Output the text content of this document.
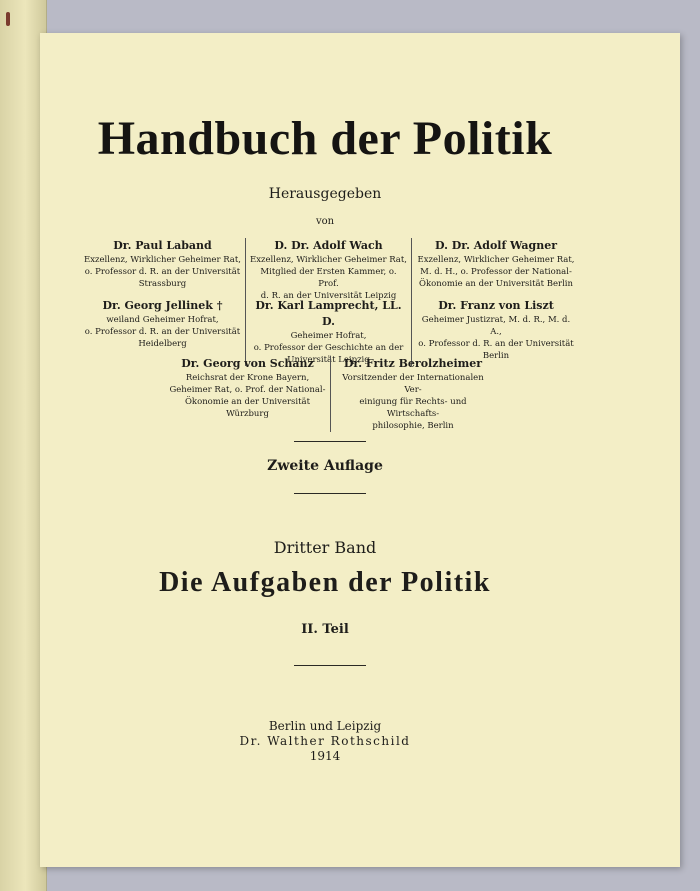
Handbuch der Politik
Herausgegeben
von
Dr. Paul Laband
Exzellenz, Wirklicher Geheimer Rat,
o. Professor d. R. an der Universität
Strassburg
D. Dr. Adolf Wach
Exzellenz, Wirklicher Geheimer Rat,
Mitglied der Ersten Kammer, o. Prof.
d. R. an der Universität Leipzig
D. Dr. Adolf Wagner
Exzellenz, Wirklicher Geheimer Rat,
M. d. H., o. Professor der National-
Ökonomie an der Universität Berlin
Dr. Georg Jellinek †
weiland Geheimer Hofrat,
o. Professor d. R. an der Universität
Heidelberg
Dr. Karl Lamprecht, LL. D.
Geheimer Hofrat,
o. Professor der Geschichte an der
Universität Leipzig
Dr. Franz von Liszt
Geheimer Justizrat, M. d. R., M. d. A.,
o. Professor d. R. an der Universität
Berlin
Dr. Georg von Schanz
Reichsrat der Krone Bayern,
Geheimer Rat, o. Prof. der National-
Ökonomie an der Universität Würzburg
Dr. Fritz Berolzheimer
Vorsitzender der Internationalen Ver-
einigung für Rechts- und Wirtschafts-
philosophie, Berlin
Zweite Auflage
Dritter Band
Die Aufgaben der Politik
II. Teil
Berlin und Leipzig
Dr. Walther Rothschild
1914
